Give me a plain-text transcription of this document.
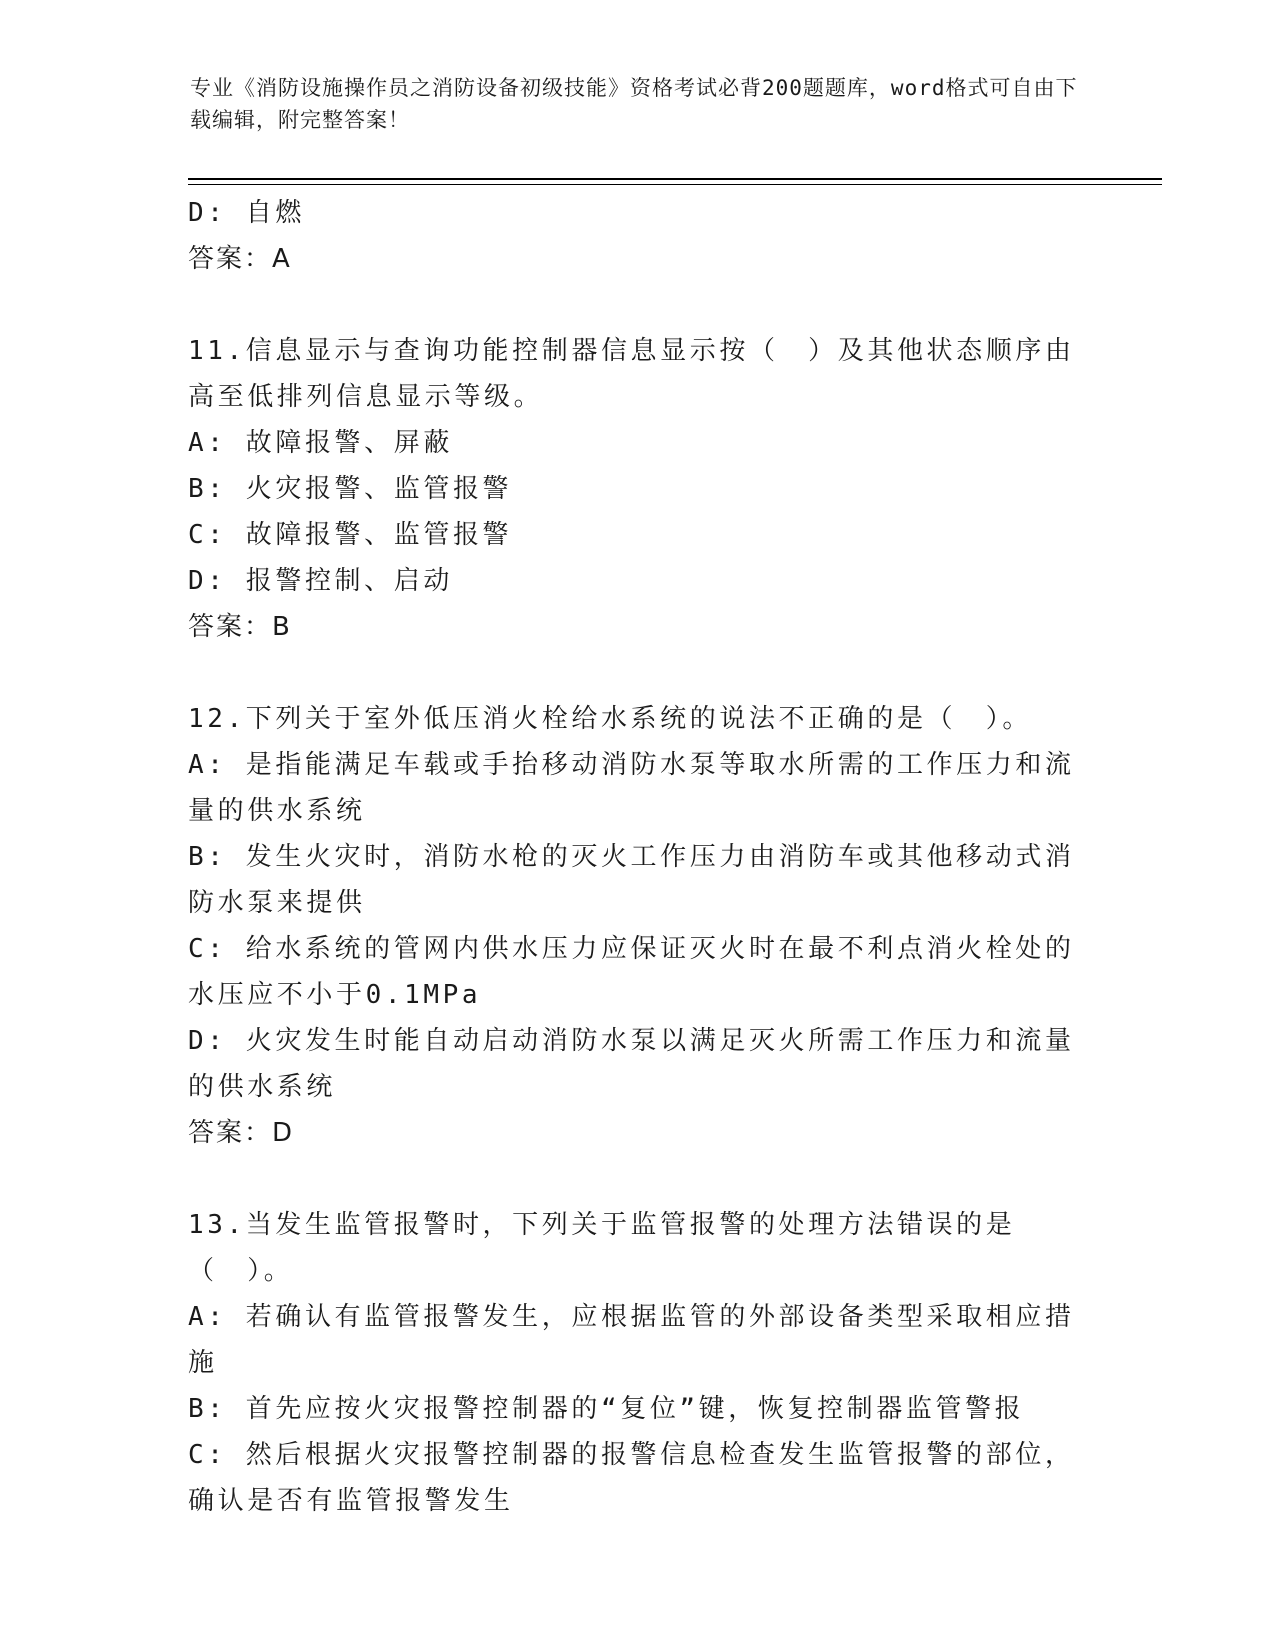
专业《消防设施操作员之消防设备初级技能》资格考试必背200题题库，word格式可自由下载编辑，附完整答案！

D: 自燃

答案：A

11.信息显示与查询功能控制器信息显示按（　）及其他状态顺序由高至低排列信息显示等级。

A: 故障报警、屏蔽

B: 火灾报警、监管报警

C: 故障报警、监管报警

D: 报警控制、启动

答案：B

12.下列关于室外低压消火栓给水系统的说法不正确的是（　）。

A: 是指能满足车载或手抬移动消防水泵等取水所需的工作压力和流量的供水系统

B: 发生火灾时，消防水枪的灭火工作压力由消防车或其他移动式消防水泵来提供

C: 给水系统的管网内供水压力应保证灭火时在最不利点消火栓处的水压应不小于0.1MPa

D: 火灾发生时能自动启动消防水泵以满足灭火所需工作压力和流量的供水系统

答案：D

13.当发生监管报警时，下列关于监管报警的处理方法错误的是（　）。

A: 若确认有监管报警发生，应根据监管的外部设备类型采取相应措施

B: 首先应按火灾报警控制器的“复位”键，恢复控制器监管警报

C: 然后根据火灾报警控制器的报警信息检查发生监管报警的部位，确认是否有监管报警发生
